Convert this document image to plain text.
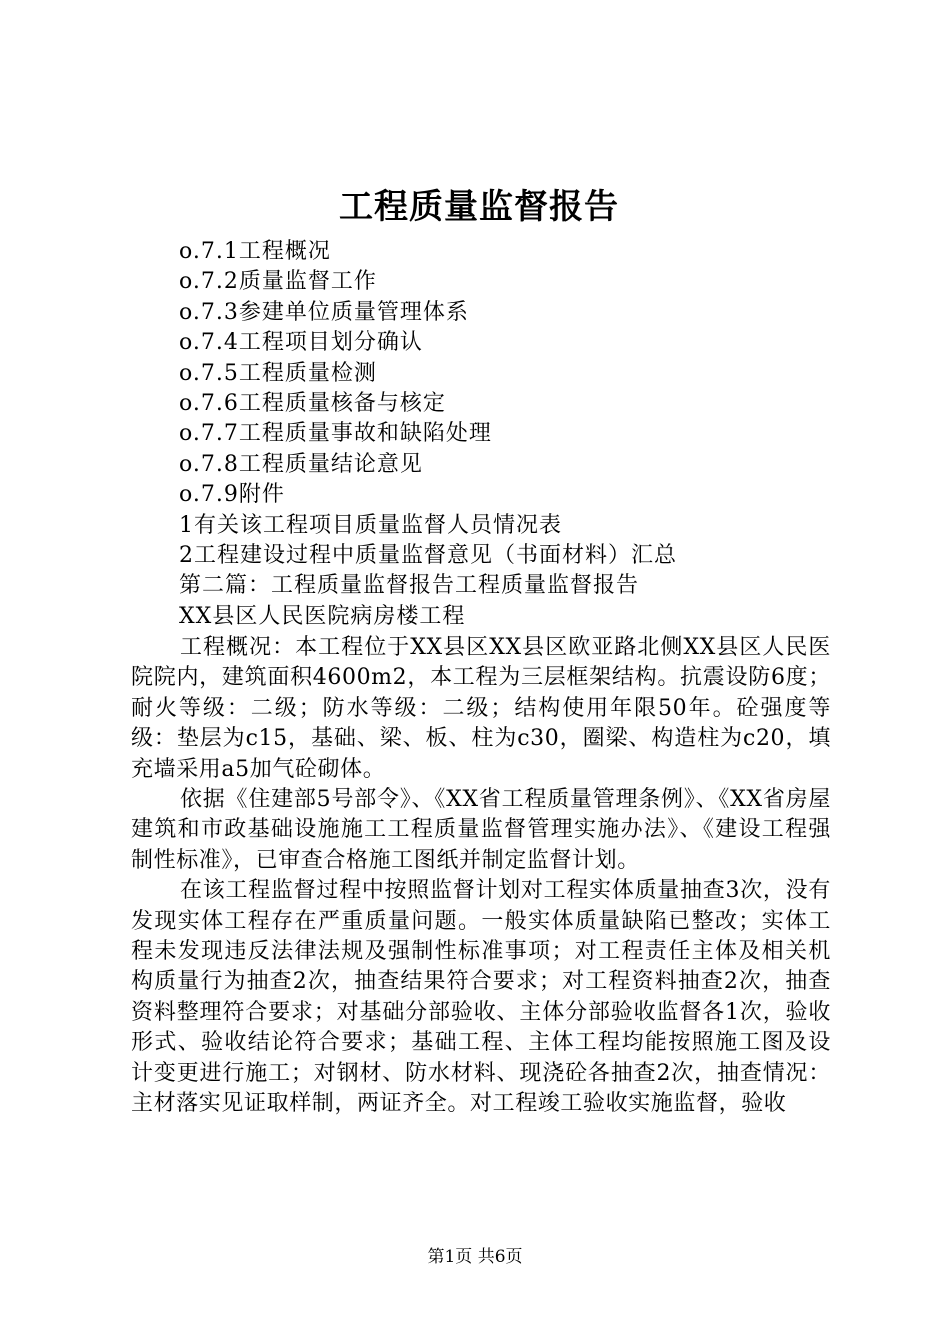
工程质量监督报告
o.7.1工程概况
o.7.2质量监督工作
o.7.3参建单位质量管理体系
o.7.4工程项目划分确认
o.7.5工程质量检测
o.7.6工程质量核备与核定
o.7.7工程质量事故和缺陷处理
o.7.8工程质量结论意见
o.7.9附件
1有关该工程项目质量监督人员情况表
2工程建设过程中质量监督意见（书面材料）汇总
第二篇：工程质量监督报告工程质量监督报告
XX县区人民医院病房楼工程

工程概况：本工程位于XX县区XX县区欧亚路北侧XX县区人民医院院内，建筑面积4600m2，本工程为三层框架结构。抗震设防6度；耐火等级：二级；防水等级：二级；结构使用年限50年。砼强度等级：垫层为c15，基础、梁、板、柱为c30，圈梁、构造柱为c20，填充墙采用a5加气砼砌体。

依据《住建部5号部令》、《XX省工程质量管理条例》、《XX省房屋建筑和市政基础设施施工工程质量监督管理实施办法》、《建设工程强制性标准》，已审查合格施工图纸并制定监督计划。

在该工程监督过程中按照监督计划对工程实体质量抽查3次，没有发现实体工程存在严重质量问题。一般实体质量缺陷已整改；实体工程未发现违反法律法规及强制性标准事项；对工程责任主体及相关机构质量行为抽查2次，抽查结果符合要求；对工程资料抽查2次，抽查资料整理符合要求；对基础分部验收、主体分部验收监督各1次，验收形式、验收结论符合要求；基础工程、主体工程均能按照施工图及设计变更进行施工；对钢材、防水材料、现浇砼各抽查2次，抽查情况：主材落实见证取样制，两证齐全。对工程竣工验收实施监督，验收

第1页 共6页
